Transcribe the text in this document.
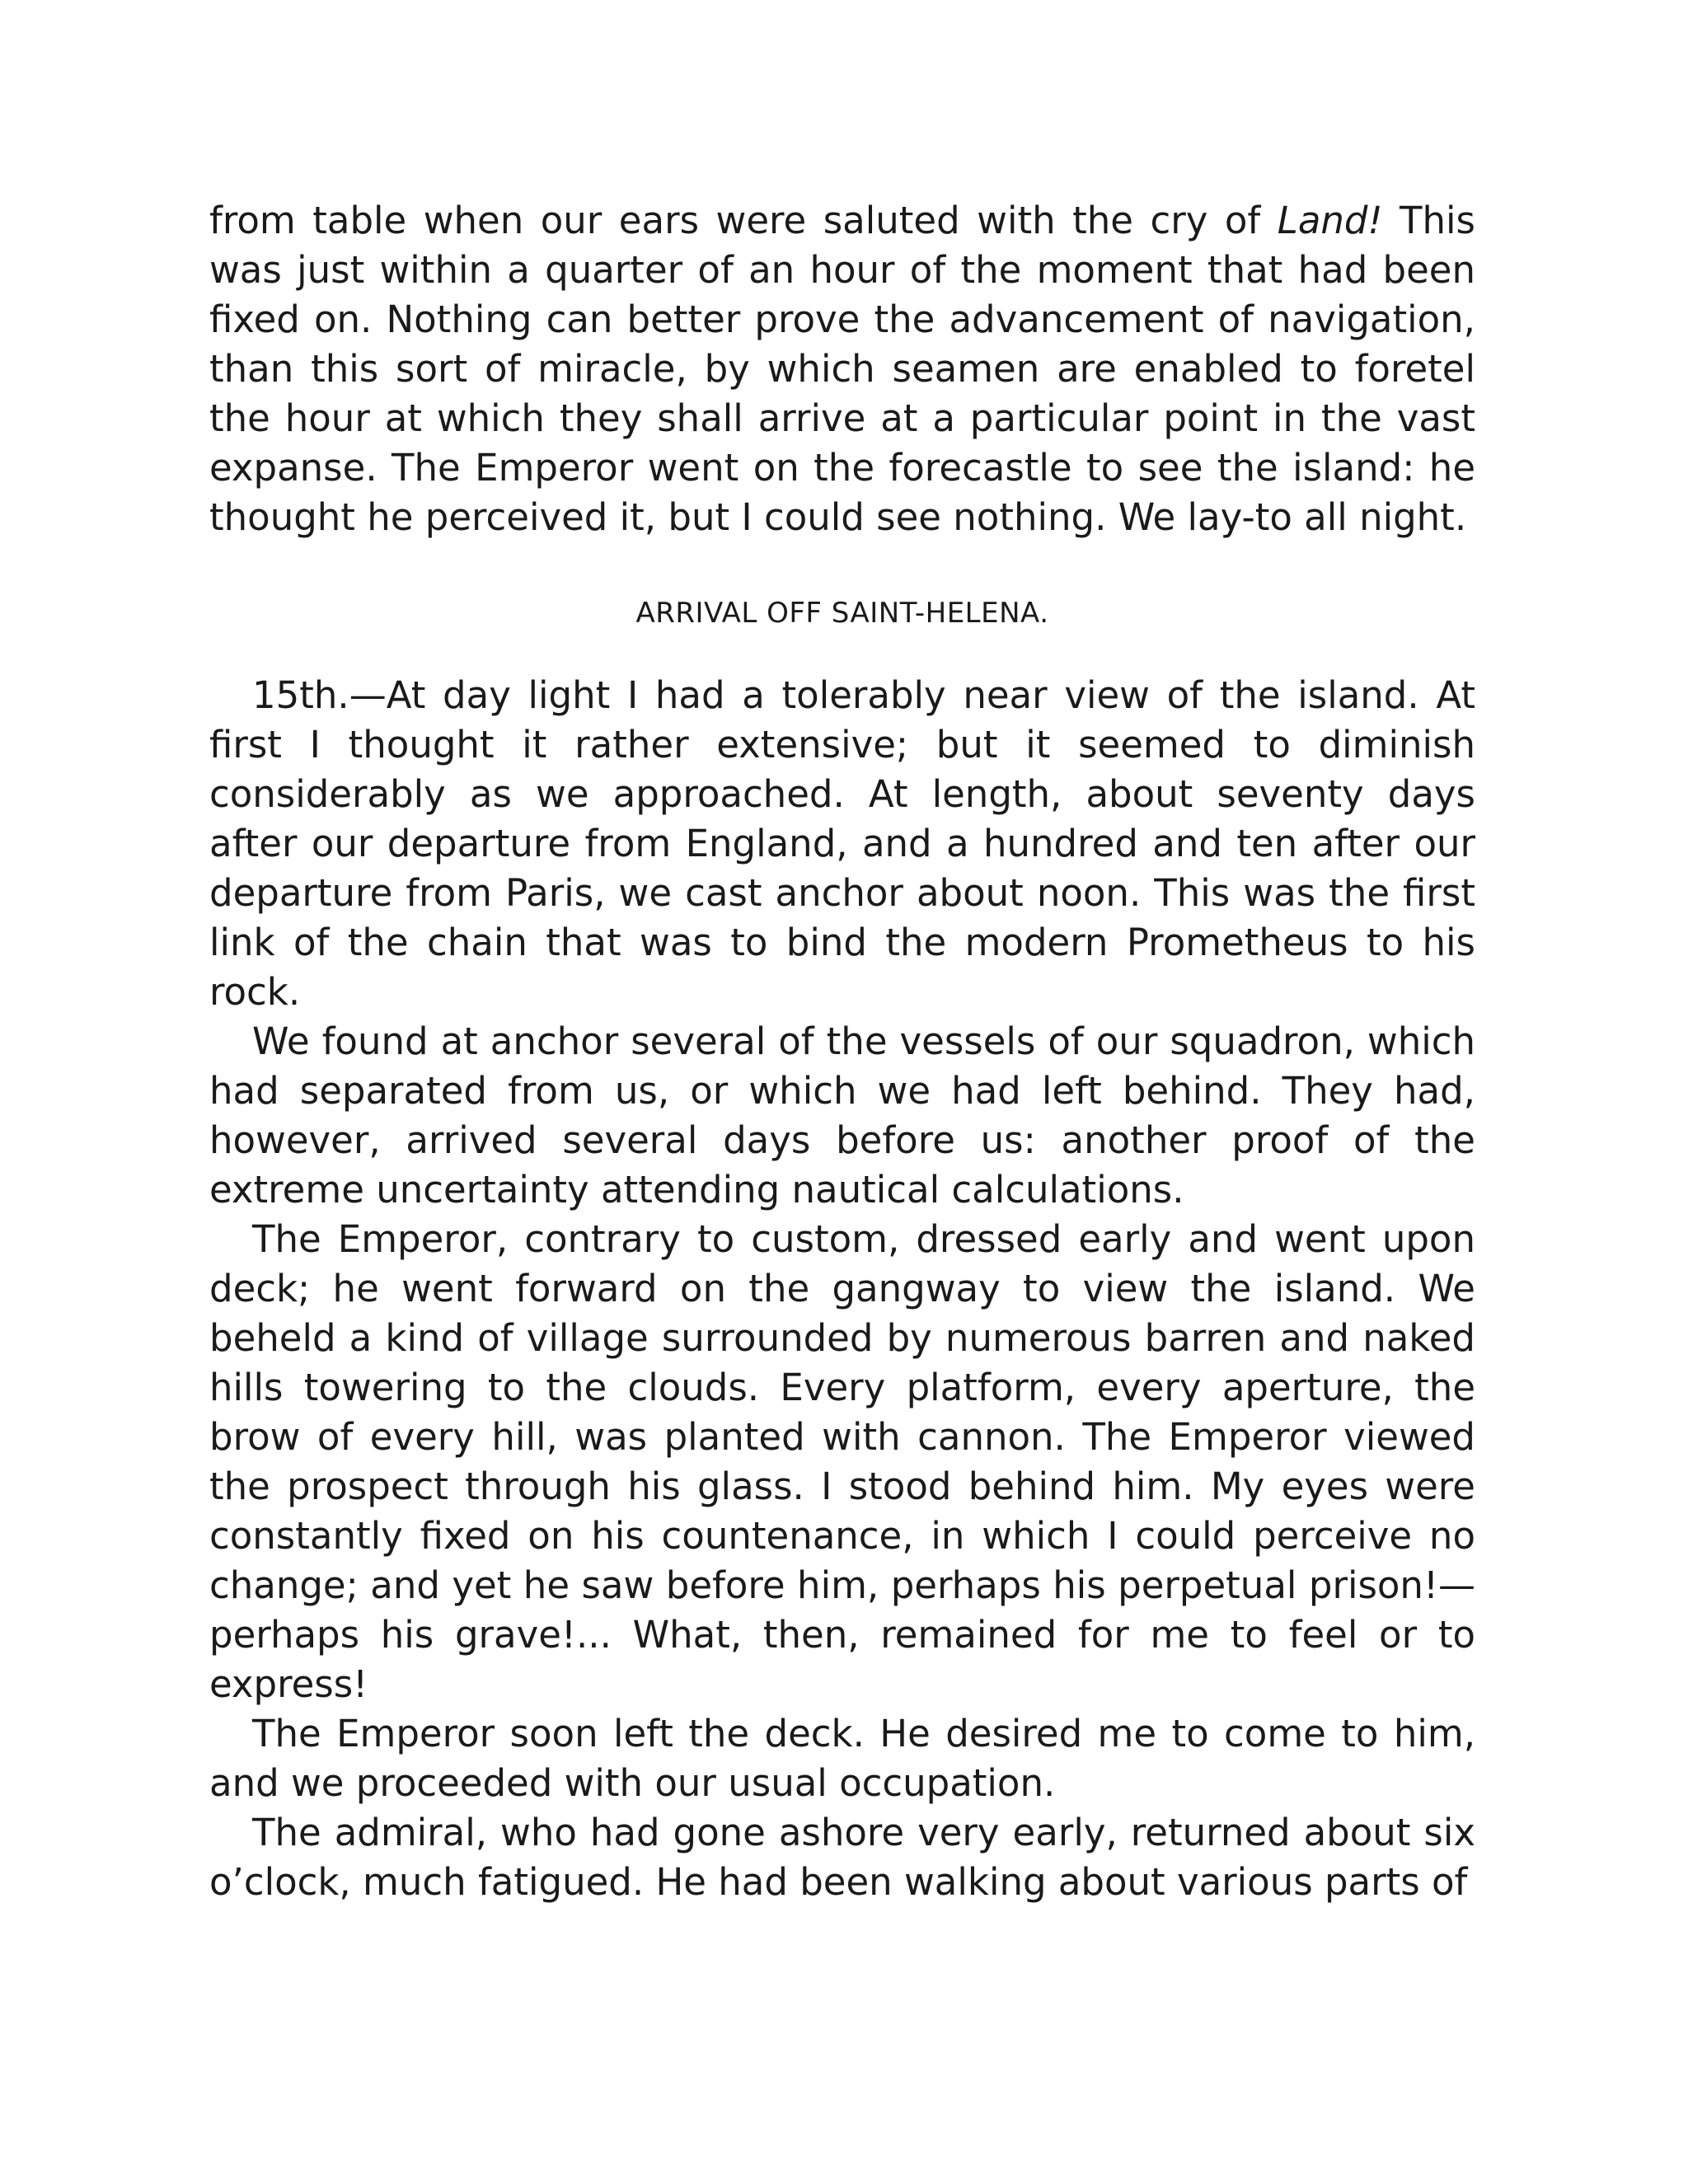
from table when our ears were saluted with the cry of Land! This was just within a quarter of an hour of the moment that had been fixed on. Nothing can better prove the advancement of navigation, than this sort of miracle, by which seamen are enabled to foretel the hour at which they shall arrive at a particular point in the vast expanse. The Emperor went on the forecastle to see the island: he thought he perceived it, but I could see nothing. We lay-to all night.

ARRIVAL OFF SAINT-HELENA.

15th.—At day light I had a tolerably near view of the island. At first I thought it rather extensive; but it seemed to diminish considerably as we approached. At length, about seventy days after our departure from England, and a hundred and ten after our departure from Paris, we cast anchor about noon. This was the first link of the chain that was to bind the modern Prometheus to his rock.

We found at anchor several of the vessels of our squadron, which had separated from us, or which we had left behind. They had, however, arrived several days before us: another proof of the extreme uncertainty attending nautical calculations.

The Emperor, contrary to custom, dressed early and went upon deck; he went forward on the gangway to view the island. We beheld a kind of village surrounded by numerous barren and naked hills towering to the clouds. Every platform, every aperture, the brow of every hill, was planted with cannon. The Emperor viewed the prospect through his glass. I stood behind him. My eyes were constantly fixed on his countenance, in which I could perceive no change; and yet he saw before him, perhaps his perpetual prison!—perhaps his grave!... What, then, remained for me to feel or to express!

The Emperor soon left the deck. He desired me to come to him, and we proceeded with our usual occupation.

The admiral, who had gone ashore very early, returned about six o’clock, much fatigued. He had been walking about various parts of
